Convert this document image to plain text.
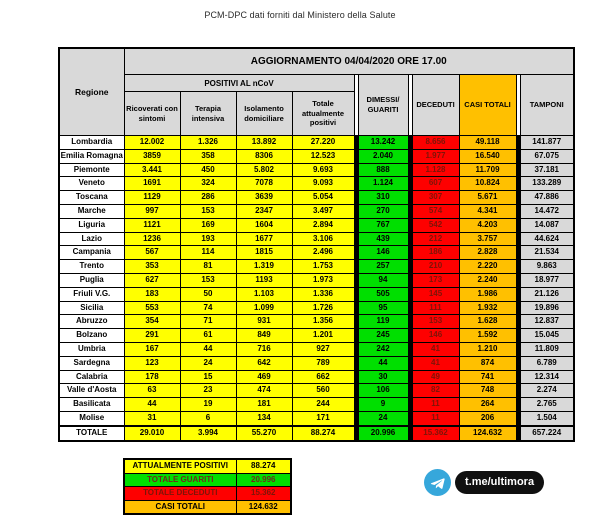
PCM-DPC dati forniti dal Ministero della Salute
Regione	AGGIORNAMENTO 04/04/2020 ORE 17.00										
	POSITIVI AL nCoV					DIMESSI/ GUARITI		DECEDUTI	CASI TOTALI		TAMPONI
	Ricoverati con sintomi	Terapia intensiva	Isolamento domiciliare	Totale attualmente positivi							
Lombardia	12.002	1.326	13.892	27.220		13.242		8.656	49.118		141.877
Emilia Romagna	3859	358	8306	12.523		2.040		1.977	16.540		67.075
Piemonte	3.441	450	5.802	9.693		888		1.128	11.709		37.181
Veneto	1691	324	7078	9.093		1.124		607	10.824		133.289
Toscana	1129	286	3639	5.054		310		307	5.671		47.886
Marche	997	153	2347	3.497		270		574	4.341		14.472
Liguria	1121	169	1604	2.894		767		542	4.203		14.087
Lazio	1236	193	1677	3.106		439		212	3.757		44.624
Campania	567	114	1815	2.496		146		186	2.828		21.534
Trento	353	81	1.319	1.753		257		210	2.220		9.863
Puglia	627	153	1193	1.973		94		173	2.240		18.977
Friuli V.G.	183	50	1.103	1.336		505		145	1.986		21.126
Sicilia	553	74	1.099	1.726		95		111	1.932		19.896
Abruzzo	354	71	931	1.356		119		153	1.628		12.837
Bolzano	291	61	849	1.201		245		146	1.592		15.045
Umbria	167	44	716	927		242		41	1.210		11.809
Sardegna	123	24	642	789		44		41	874		6.789
Calabria	178	15	469	662		30		49	741		12.314
Valle d'Aosta	63	23	474	560		106		82	748		2.274
Basilicata	44	19	181	244		9		11	264		2.765
Molise	31	6	134	171		24		11	206		1.504
TOTALE	29.010	3.994	55.270	88.274		20.996		15.362	124.632		657.224
ATTUALMENTE POSITIVI	88.274
TOTALE GUARITI	20.996
TOTALE DECEDUTI	15.362
CASI TOTALI	124.632
t.me/ultimora
